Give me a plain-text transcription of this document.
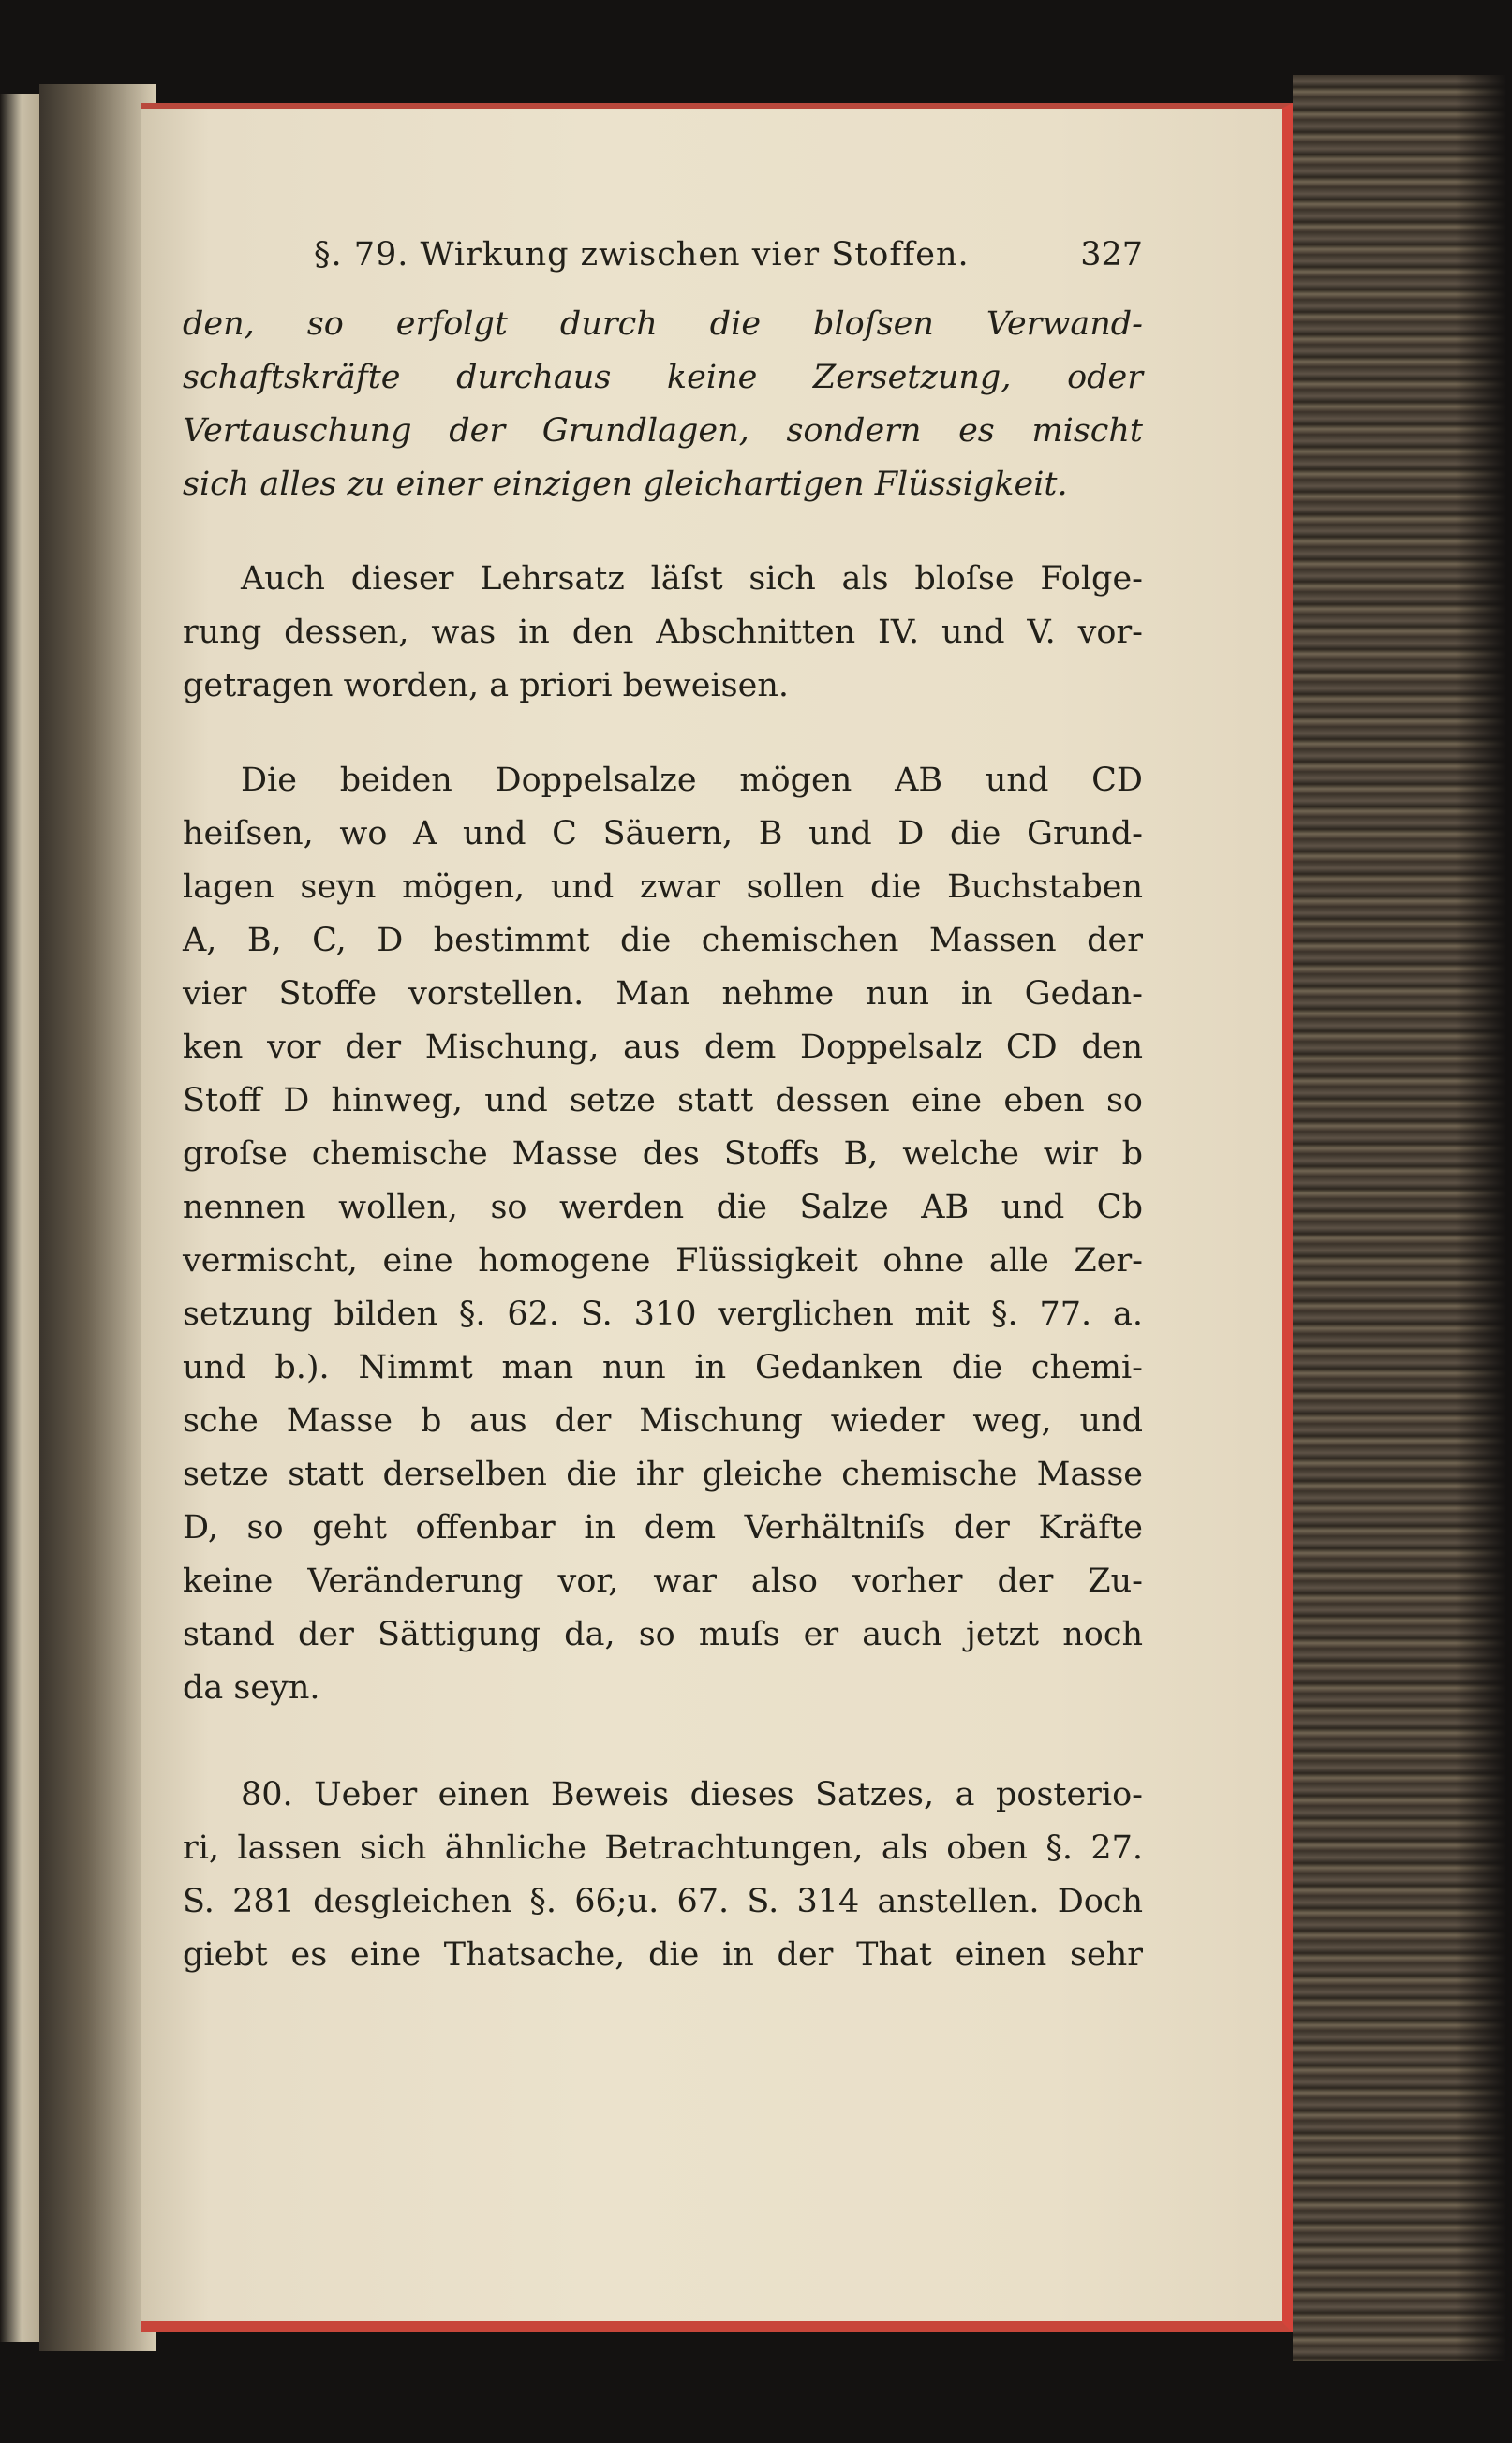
§. 79. Wirkung zwischen vier Stoffen.	327

den, so erfolgt durch die bloſsen Verwand-
schaftskräfte durchaus keine Zersetzung, oder
Vertauschung der Grundlagen, sondern es mischt
sich alles zu einer einzigen gleichartigen Flüssigkeit.

Auch dieser Lehrsatz läſst sich als bloſse Folge-
rung dessen, was in den Abschnitten IV. und V. vor-
getragen worden, a priori beweisen.

Die beiden Doppelsalze mögen AB und CD
heiſsen, wo A und C Säuern, B und D die Grund-
lagen seyn mögen, und zwar sollen die Buchstaben
A, B, C, D bestimmt die chemischen Massen der
vier Stoffe vorstellen. Man nehme nun in Gedan-
ken vor der Mischung, aus dem Doppelsalz CD den
Stoff D hinweg, und setze statt dessen eine eben so
groſse chemische Masse des Stoffs B, welche wir b
nennen wollen, so werden die Salze AB und Cb
vermischt, eine homogene Flüssigkeit ohne alle Zer-
setzung bilden §. 62. S. 310 verglichen mit §. 77. a.
und b.). Nimmt man nun in Gedanken die chemi-
sche Masse b aus der Mischung wieder weg, und
setze statt derselben die ihr gleiche chemische Masse
D, so geht offenbar in dem Verhältniſs der Kräfte
keine Veränderung vor, war also vorher der Zu-
stand der Sättigung da, so muſs er auch jetzt noch
da seyn.

80. Ueber einen Beweis dieses Satzes, a posterio-
ri, lassen sich ähnliche Betrachtungen, als oben §. 27.
S. 281 desgleichen §. 66;u. 67. S. 314 anstellen. Doch
giebt es eine Thatsache, die in der That einen sehr
